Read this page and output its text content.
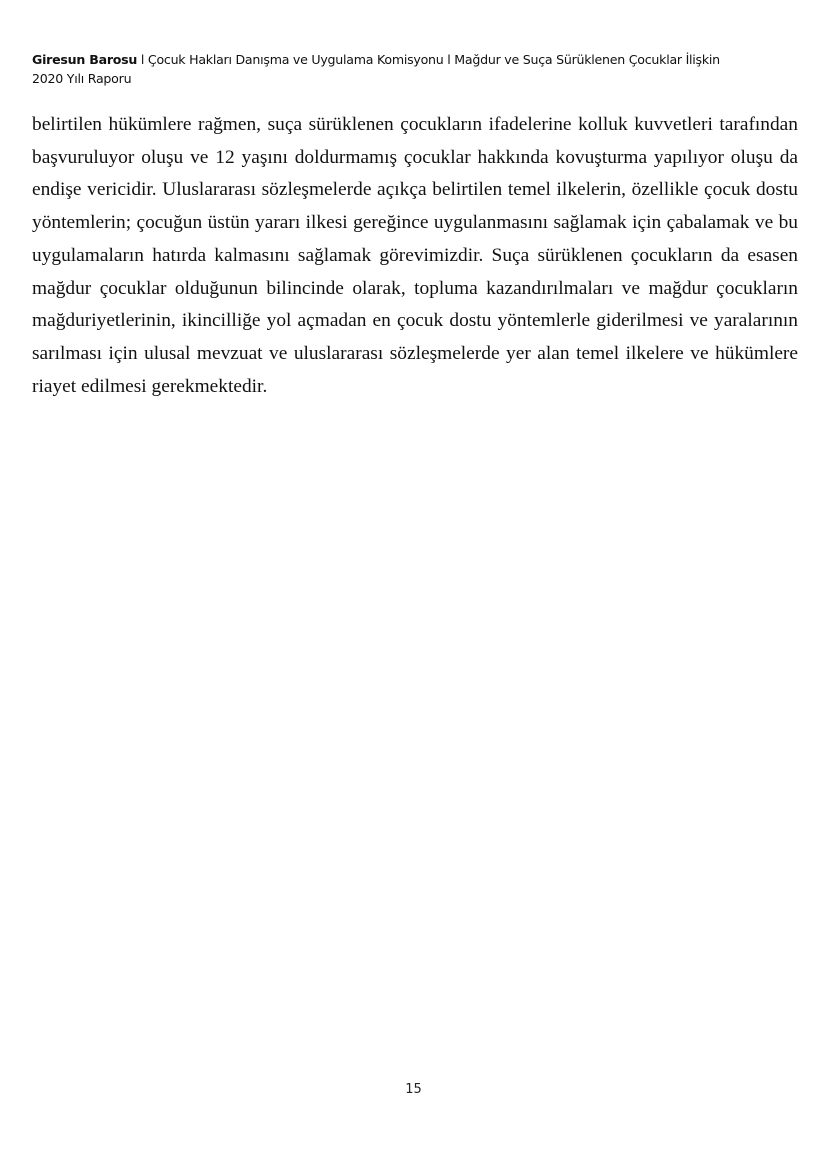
Giresun Barosu l Çocuk Hakları Danışma ve Uygulama Komisyonu l Mağdur ve Suça Sürüklenen Çocuklar İlişkin
2020 Yılı Raporu

belirtilen hükümlere rağmen, suça sürüklenen çocukların ifadelerine kolluk kuvvetleri tarafından başvuruluyor oluşu ve 12 yaşını doldurmamış çocuklar hakkında kovuşturma yapılıyor oluşu da endişe vericidir. Uluslararası sözleşmelerde açıkça belirtilen temel ilkelerin, özellikle çocuk dostu yöntemlerin; çocuğun üstün yararı ilkesi gereğince uygulanmasını sağlamak için çabalamak ve bu uygulamaların hatırda kalmasını sağlamak görevimizdir. Suça sürüklenen çocukların da esasen mağdur çocuklar olduğunun bilincinde olarak, topluma kazandırılmaları ve mağdur çocukların mağduriyetlerinin, ikincilliğe yol açmadan en çocuk dostu yöntemlerle giderilmesi ve yaralarının sarılması için ulusal mevzuat ve uluslararası sözleşmelerde yer alan temel ilkelere ve hükümlere riayet edilmesi gerekmektedir.

15
